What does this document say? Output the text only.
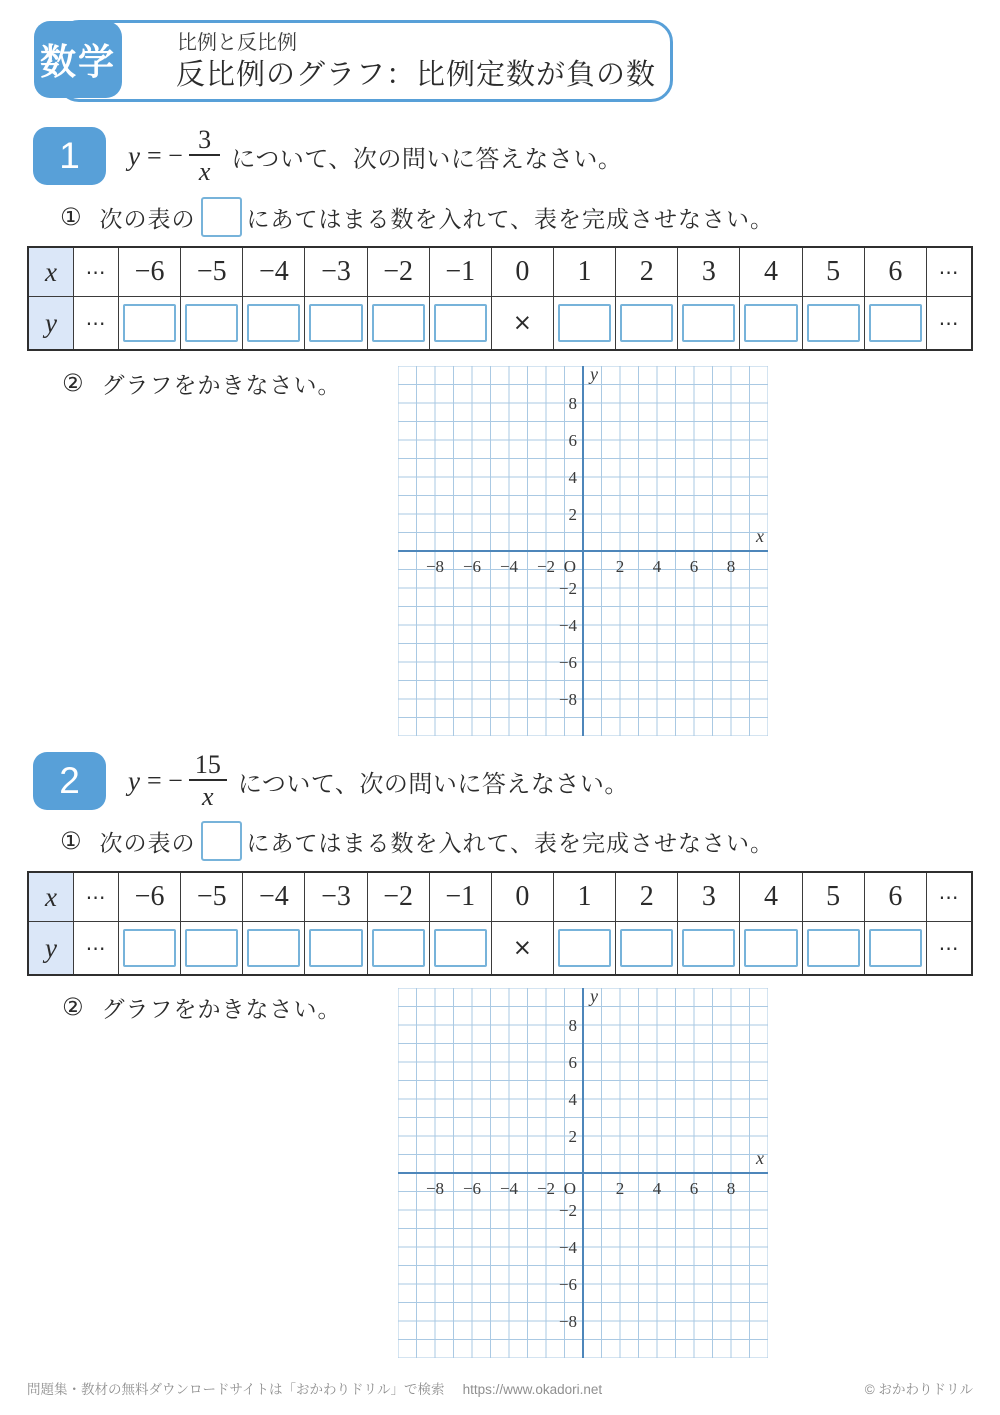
数学	比例と反比例
反比例のグラフ：比例定数が負の数
1 y = − $\frac{3}{x}$ について、次の問いに答えなさい。
① 次の表の にあてはまる数を入れて、表を完成させなさい。
x	⋯	−6	−5	−4	−3	−2	−1	0	1	2	3	4	5	6	⋯
y	⋯							×							⋯
② グラフをかきなさい。
−8 −6 −4 −2	2 4 6 8
8
6
4
2
−2
−4
−6
−8
O
y
x
2 y = − $\frac{15}{x}$ について、次の問いに答えなさい。
① 次の表の にあてはまる数を入れて、表を完成させなさい。
x	⋯	−6	−5	−4	−3	−2	−1	0	1	2	3	4	5	6	⋯
y	⋯							×							⋯
② グラフをかきなさい。
−8 −6 −4 −2	2 4 6 8
8
6
4
2
−2
−4
−6
−8
O
y
x
問題集・教材の無料ダウンロードサイトは「おかわりドリル」で検索 https://www.okadori.net	© おかわりドリル
